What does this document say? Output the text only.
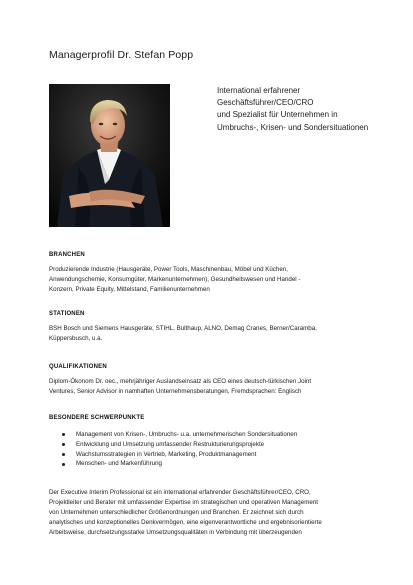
Managerprofil Dr. Stefan Popp
International erfahrener
Geschäftsführer/CEO/CRO
und Spezialist für Unternehmen in
Umbruchs-, Krisen- und Sondersituationen
BRANCHEN
Produzierende Industrie (Hausgeräte, Power Tools, Maschinenbau, Möbel und Küchen,
Anwendungschemie, Konsumgüter, Markenunternehmen), Gesundheitswesen und Handel -
Konzern, Private Equity, Mittelstand, Familienunternehmen
STATIONEN
BSH Bosch und Siemens Hausgeräte, STIHL, Bulthaup, ALNO, Demag Cranes, Berner/Caramba,
Küppersbusch, u.a.
QUALIFIKATIONEN
Diplom-Ökonom Dr. oec., mehrjähriger Auslandseinsatz als CEO eines deutsch-türkischen Joint
Ventures, Senior Advisor in namhaften Unternehmensberatungen, Fremdsprachen: Englisch
BESONDERE SCHWERPUNKTE
Management von Krisen-, Umbruchs- u.a. unternehmerischen Sondersituationen
Entwicklung und Umsetzung umfassender Restrukturierungsprojekte
Wachstumsstrategien in Vertrieb, Marketing, Produktmanagement
Menschen- und Markenführung
Der Executive Interim Professional ist ein international erfahrender Geschäftsführer/CEO, CRO,
Projektleiter und Berater mit umfassender Expertise im strategischen und operativen Management
von Unternehmen unterschiedlicher Größenordnungen und Branchen. Er zeichnet sich durch
analytisches und konzeptionelles Denkvermögen, eine eigenverantwortliche und ergebnisorientierte
Arbeitsweise, durchsetzungsstarke Umsetzungsqualitäten in Verbindung mit überzeugenden
